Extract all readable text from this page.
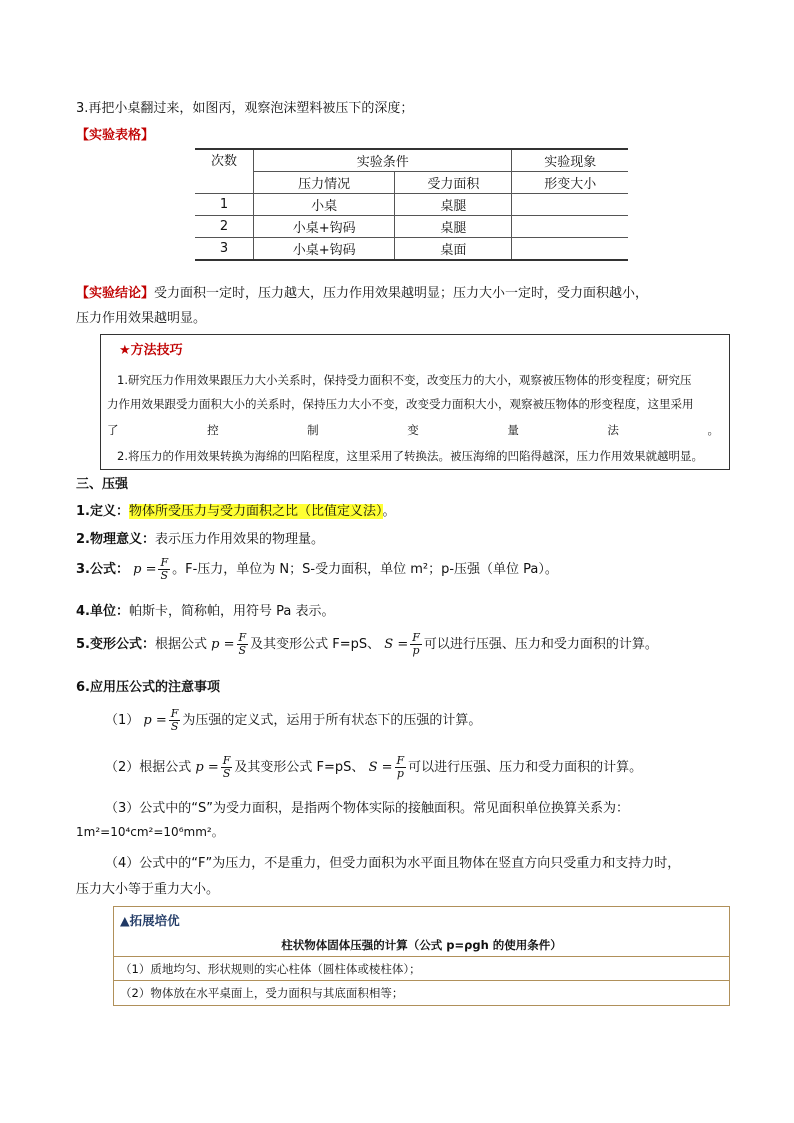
3.再把小桌翻过来，如图丙，观察泡沫塑料被压下的深度；
【实验表格】
次数	实验条件		实验现象
	压力情况	受力面积	形变大小
1	小桌	桌腿	
2	小桌+钩码	桌腿	
3	小桌+钩码	桌面	
【实验结论】受力面积一定时，压力越大，压力作用效果越明显；压力大小一定时，受力面积越小，
压力作用效果越明显。
★方法技巧
1.研究压力作用效果跟压力大小关系时，保持受力面积不变，改变压力的大小，观察被压物体的形变程度；研究压
力作用效果跟受力面积大小的关系时，保持压力大小不变，改变受力面积大小，观察被压物体的形变程度，这里采用
了	控	制	变	量	法	。
2.将压力的作用效果转换为海绵的凹陷程度，这里采用了转换法。被压海绵的凹陷得越深，压力作用效果就越明显。
三、压强
1.定义：物体所受压力与受力面积之比（比值定义法）。
2.物理意义：表示压力作用效果的物理量。
3.公式： $p = \frac{F}{S}$ 。F-压力，单位为 N；S-受力面积，单位 m²；p-压强（单位 Pa）。
4.单位：帕斯卡，简称帕，用符号 Pa 表示。
5.变形公式：根据公式 $p = \frac{F}{S}$ 及其变形公式 F=pS、 $S = \frac{F}{p}$ 可以进行压强、压力和受力面积的计算。
6.应用压公式的注意事项
（1） $p = \frac{F}{S}$ 为压强的定义式，运用于所有状态下的压强的计算。
（2）根据公式 $p = \frac{F}{S}$ 及其变形公式 F=pS、 $S = \frac{F}{p}$ 可以进行压强、压力和受力面积的计算。
（3）公式中的“S”为受力面积，是指两个物体实际的接触面积。常见面积单位换算关系为：
1m²=10⁴cm²=10⁶mm²。
（4）公式中的“F”为压力，不是重力，但受力面积为水平面且物体在竖直方向只受重力和支持力时，
压力大小等于重力大小。
▲拓展培优
柱状物体固体压强的计算（公式 p=ρgh 的使用条件）
（1）质地均匀、形状规则的实心柱体（圆柱体或棱柱体）；
（2）物体放在水平桌面上，受力面积与其底面积相等；
